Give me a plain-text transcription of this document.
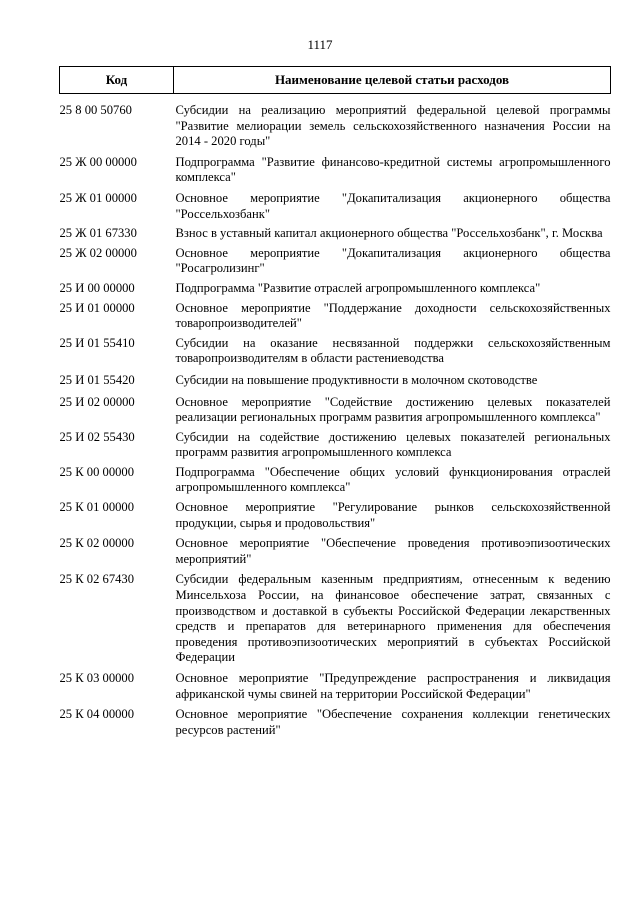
1117
Код	Наименование целевой статьи расходов

25 8 00 50760	Субсидии на реализацию мероприятий федеральной целевой программы "Развитие мелиорации земель сельскохозяйственного назначения России на 2014 - 2020 годы"
25 Ж 00 00000	Подпрограмма "Развитие финансово-кредитной системы агропромышленного комплекса"
25 Ж 01 00000	Основное мероприятие "Докапитализация акционерного общества "Россельхозбанк"
25 Ж 01 67330	Взнос в уставный капитал акционерного общества "Россельхозбанк", г. Москва
25 Ж 02 00000	Основное мероприятие "Докапитализация акционерного общества "Росагролизинг"
25 И 00 00000	Подпрограмма "Развитие отраслей агропромышленного комплекса"
25 И 01 00000	Основное мероприятие "Поддержание доходности сельскохозяйственных товаропроизводителей"
25 И 01 55410	Субсидии на оказание несвязанной поддержки сельскохозяйственным товаропроизводителям в области растениеводства
25 И 01 55420	Субсидии на повышение продуктивности в молочном скотоводстве
25 И 02 00000	Основное мероприятие "Содействие достижению целевых показателей реализации региональных программ развития агропромышленного комплекса"
25 И 02 55430	Субсидии на содействие достижению целевых показателей региональных программ развития агропромышленного комплекса
25 К 00 00000	Подпрограмма "Обеспечение общих условий функционирования отраслей агропромышленного комплекса"
25 К 01 00000	Основное мероприятие "Регулирование рынков сельскохозяйственной продукции, сырья и продовольствия"
25 К 02 00000	Основное мероприятие "Обеспечение проведения противоэпизоотических мероприятий"
25 К 02 67430	Субсидии федеральным казенным предприятиям, отнесенным к ведению Минсельхоза России, на финансовое обеспечение затрат, связанных с производством и доставкой в субъекты Российской Федерации лекарственных средств и препаратов для ветеринарного применения для обеспечения проведения противоэпизоотических мероприятий в субъектах Российской Федерации
25 К 03 00000	Основное мероприятие "Предупреждение распространения и ликвидация африканской чумы свиней на территории Российской Федерации"
25 К 04 00000	Основное мероприятие "Обеспечение сохранения коллекции генетических ресурсов растений"
